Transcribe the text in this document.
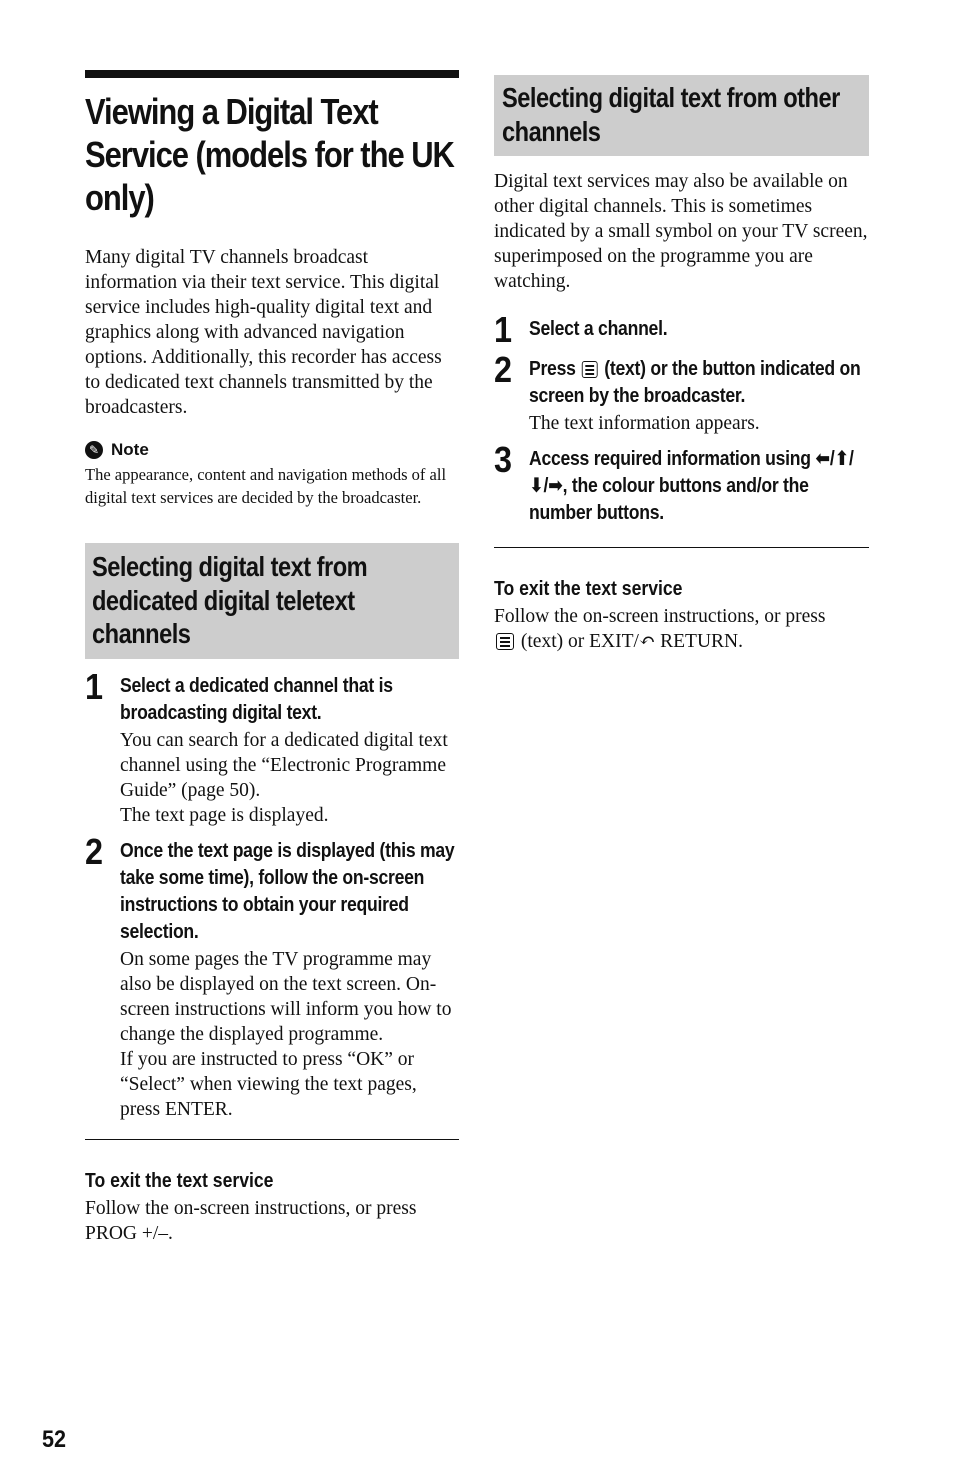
Viewing a Digital Text Service (models for the UK only)

Many digital TV channels broadcast information via their text service. This digital service includes high-quality digital text and graphics along with advanced navigation options. Additionally, this recorder has access to dedicated text channels transmitted by the broadcasters.

✎ Note
The appearance, content and navigation methods of all digital text services are decided by the broadcaster.
Selecting digital text from dedicated digital teletext channels
1 Select a dedicated channel that is broadcasting digital text.

You can search for a dedicated digital text channel using the “Electronic Programme Guide” (page 50).

The text page is displayed.

2 Once the text page is displayed (this may take some time), follow the on-screen instructions to obtain your required selection.

On some pages the TV programme may also be displayed on the text screen. On-screen instructions will inform you how to change the displayed programme.

If you are instructed to press “OK” or “Select” when viewing the text pages, press ENTER.

To exit the text service

Follow the on-screen instructions, or press PROG +/–.

Selecting digital text from other channels

Digital text services may also be available on other digital channels. This is sometimes indicated by a small symbol on your TV screen, superimposed on the programme you are watching.

1 Select a channel.

2 Press (text) or the button indicated on screen by the broadcaster.

The text information appears.

3 Access required information using ⬅/⬆/⬇/➡, the colour buttons and/or the number buttons.

To exit the text service

Follow the on-screen instructions, or press
(text) or EXIT/↶ RETURN.

52
